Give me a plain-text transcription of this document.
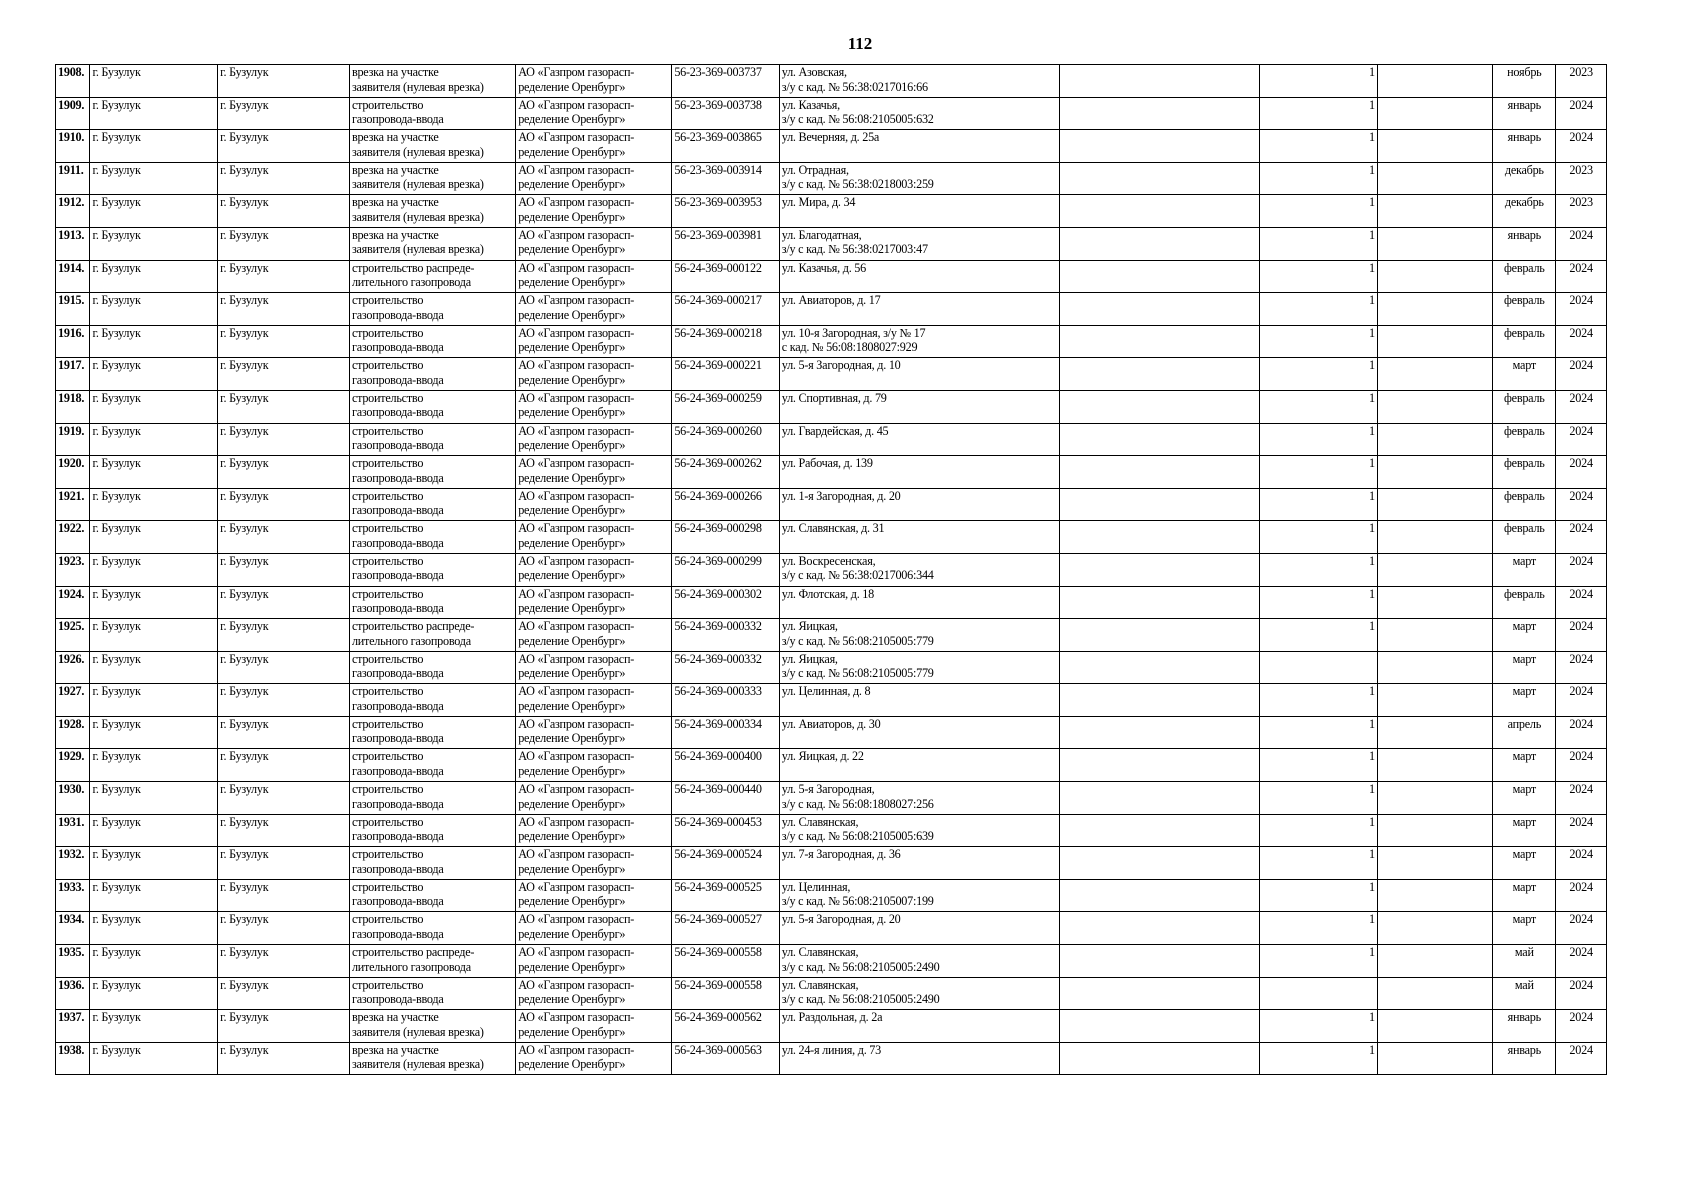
112
1908.	г. Бузулук	г. Бузулук	врезка на участке
заявителя (нулевая врезка)	АО «Газпром газорасп-
ределение Оренбург»	56-23-369-003737	ул. Азовская,
з/у с кад. № 56:38:0217016:66		1		ноябрь	2023
1909.	г. Бузулук	г. Бузулук	строительство
газопровода-ввода	АО «Газпром газорасп-
ределение Оренбург»	56-23-369-003738	ул. Казачья,
з/у с кад. № 56:08:2105005:632		1		январь	2024
1910.	г. Бузулук	г. Бузулук	врезка на участке
заявителя (нулевая врезка)	АО «Газпром газорасп-
ределение Оренбург»	56-23-369-003865	ул. Вечерняя, д. 25а		1		январь	2024
1911.	г. Бузулук	г. Бузулук	врезка на участке
заявителя (нулевая врезка)	АО «Газпром газорасп-
ределение Оренбург»	56-23-369-003914	ул. Отрадная,
з/у с кад. № 56:38:0218003:259		1		декабрь	2023
1912.	г. Бузулук	г. Бузулук	врезка на участке
заявителя (нулевая врезка)	АО «Газпром газорасп-
ределение Оренбург»	56-23-369-003953	ул. Мира, д. 34		1		декабрь	2023
1913.	г. Бузулук	г. Бузулук	врезка на участке
заявителя (нулевая врезка)	АО «Газпром газорасп-
ределение Оренбург»	56-23-369-003981	ул. Благодатная,
з/у с кад. № 56:38:0217003:47		1		январь	2024
1914.	г. Бузулук	г. Бузулук	строительство распреде-
лительного газопровода	АО «Газпром газорасп-
ределение Оренбург»	56-24-369-000122	ул. Казачья, д. 56		1		февраль	2024
1915.	г. Бузулук	г. Бузулук	строительство
газопровода-ввода	АО «Газпром газорасп-
ределение Оренбург»	56-24-369-000217	ул. Авиаторов, д. 17		1		февраль	2024
1916.	г. Бузулук	г. Бузулук	строительство
газопровода-ввода	АО «Газпром газорасп-
ределение Оренбург»	56-24-369-000218	ул. 10-я Загородная, з/у № 17
с кад. № 56:08:1808027:929		1		февраль	2024
1917.	г. Бузулук	г. Бузулук	строительство
газопровода-ввода	АО «Газпром газорасп-
ределение Оренбург»	56-24-369-000221	ул. 5-я Загородная, д. 10		1		март	2024
1918.	г. Бузулук	г. Бузулук	строительство
газопровода-ввода	АО «Газпром газорасп-
ределение Оренбург»	56-24-369-000259	ул. Спортивная, д. 79		1		февраль	2024
1919.	г. Бузулук	г. Бузулук	строительство
газопровода-ввода	АО «Газпром газорасп-
ределение Оренбург»	56-24-369-000260	ул. Гвардейская, д. 45		1		февраль	2024
1920.	г. Бузулук	г. Бузулук	строительство
газопровода-ввода	АО «Газпром газорасп-
ределение Оренбург»	56-24-369-000262	ул. Рабочая, д. 139		1		февраль	2024
1921.	г. Бузулук	г. Бузулук	строительство
газопровода-ввода	АО «Газпром газорасп-
ределение Оренбург»	56-24-369-000266	ул. 1-я Загородная, д. 20		1		февраль	2024
1922.	г. Бузулук	г. Бузулук	строительство
газопровода-ввода	АО «Газпром газорасп-
ределение Оренбург»	56-24-369-000298	ул. Славянская, д. 31		1		февраль	2024
1923.	г. Бузулук	г. Бузулук	строительство
газопровода-ввода	АО «Газпром газорасп-
ределение Оренбург»	56-24-369-000299	ул. Воскресенская,
з/у с кад. № 56:38:0217006:344		1		март	2024
1924.	г. Бузулук	г. Бузулук	строительство
газопровода-ввода	АО «Газпром газорасп-
ределение Оренбург»	56-24-369-000302	ул. Флотская, д. 18		1		февраль	2024
1925.	г. Бузулук	г. Бузулук	строительство распреде-
лительного газопровода	АО «Газпром газорасп-
ределение Оренбург»	56-24-369-000332	ул. Яицкая,
з/у с кад. № 56:08:2105005:779		1		март	2024
1926.	г. Бузулук	г. Бузулук	строительство
газопровода-ввода	АО «Газпром газорасп-
ределение Оренбург»	56-24-369-000332	ул. Яицкая,
з/у с кад. № 56:08:2105005:779				март	2024
1927.	г. Бузулук	г. Бузулук	строительство
газопровода-ввода	АО «Газпром газорасп-
ределение Оренбург»	56-24-369-000333	ул. Целинная, д. 8		1		март	2024
1928.	г. Бузулук	г. Бузулук	строительство
газопровода-ввода	АО «Газпром газорасп-
ределение Оренбург»	56-24-369-000334	ул. Авиаторов, д. 30		1		апрель	2024
1929.	г. Бузулук	г. Бузулук	строительство
газопровода-ввода	АО «Газпром газорасп-
ределение Оренбург»	56-24-369-000400	ул. Яицкая, д. 22		1		март	2024
1930.	г. Бузулук	г. Бузулук	строительство
газопровода-ввода	АО «Газпром газорасп-
ределение Оренбург»	56-24-369-000440	ул. 5-я Загородная,
з/у с кад. № 56:08:1808027:256		1		март	2024
1931.	г. Бузулук	г. Бузулук	строительство
газопровода-ввода	АО «Газпром газорасп-
ределение Оренбург»	56-24-369-000453	ул. Славянская,
з/у с кад. № 56:08:2105005:639		1		март	2024
1932.	г. Бузулук	г. Бузулук	строительство
газопровода-ввода	АО «Газпром газорасп-
ределение Оренбург»	56-24-369-000524	ул. 7-я Загородная, д. 36		1		март	2024
1933.	г. Бузулук	г. Бузулук	строительство
газопровода-ввода	АО «Газпром газорасп-
ределение Оренбург»	56-24-369-000525	ул. Целинная,
з/у с кад. № 56:08:2105007:199		1		март	2024
1934.	г. Бузулук	г. Бузулук	строительство
газопровода-ввода	АО «Газпром газорасп-
ределение Оренбург»	56-24-369-000527	ул. 5-я Загородная, д. 20		1		март	2024
1935.	г. Бузулук	г. Бузулук	строительство распреде-
лительного газопровода	АО «Газпром газорасп-
ределение Оренбург»	56-24-369-000558	ул. Славянская,
з/у с кад. № 56:08:2105005:2490		1		май	2024
1936.	г. Бузулук	г. Бузулук	строительство
газопровода-ввода	АО «Газпром газорасп-
ределение Оренбург»	56-24-369-000558	ул. Славянская,
з/у с кад. № 56:08:2105005:2490				май	2024
1937.	г. Бузулук	г. Бузулук	врезка на участке
заявителя (нулевая врезка)	АО «Газпром газорасп-
ределение Оренбург»	56-24-369-000562	ул. Раздольная, д. 2а		1		январь	2024
1938.	г. Бузулук	г. Бузулук	врезка на участке
заявителя (нулевая врезка)	АО «Газпром газорасп-
ределение Оренбург»	56-24-369-000563	ул. 24-я линия, д. 73		1		январь	2024
